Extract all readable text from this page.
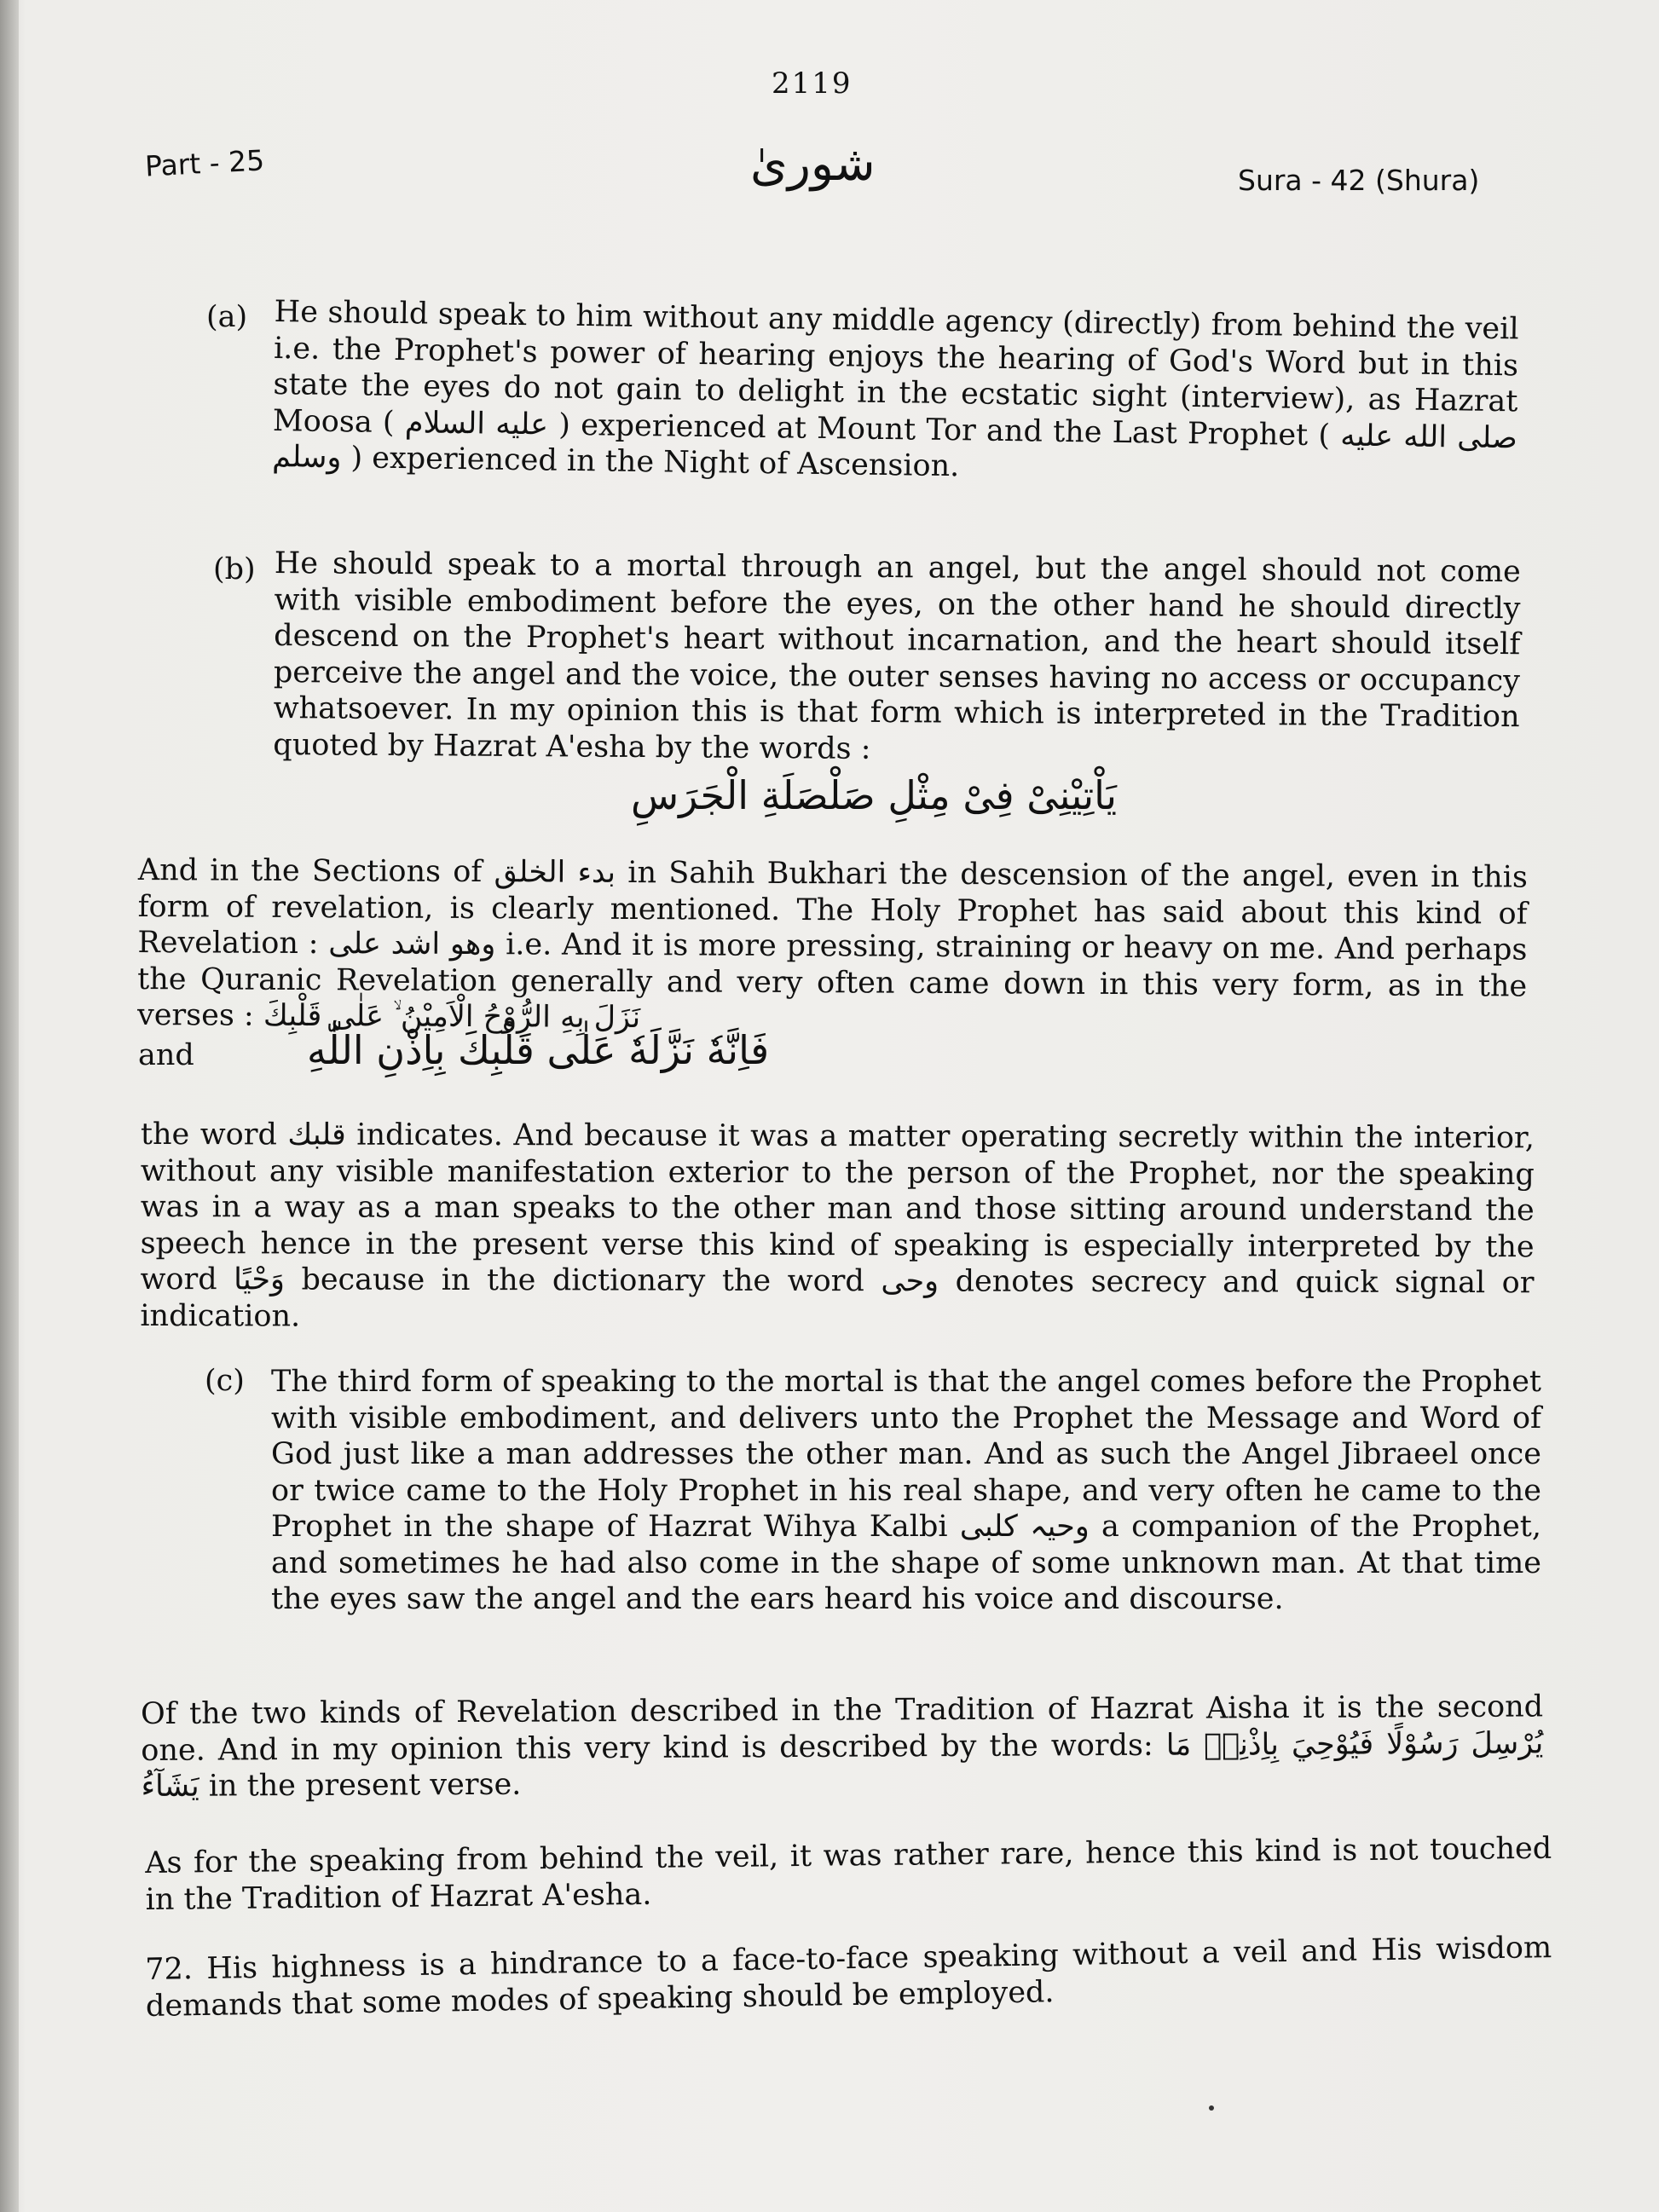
2119
Part - 25	شوریٰ	Sura - 42 (Shura)
(a) He should speak to him without any middle agency (directly) from behind the veil i.e. the Prophet's power of hearing enjoys the hearing of God's Word but in this state the eyes do not gain to delight in the ecstatic sight (interview), as Hazrat Moosa ( عليه السلام ) experienced at Mount Tor and the Last Prophet ( صلى الله عليه وسلم ) experienced in the Night of Ascension.
(b) He should speak to a mortal through an angel, but the angel should not come with visible embodiment before the eyes, on the other hand he should directly descend on the Prophet's heart without incarnation, and the heart should itself perceive the angel and the voice, the outer senses having no access or occupancy whatsoever. In my opinion this is that form which is interpreted in the Tradition quoted by Hazrat A'esha by the words :
يَاْتِيْنِىْ فِىْ مِثْلِ صَلْصَلَةِ الْجَرَسِ
And in the Sections of بدء الخلق in Sahih Bukhari the descension of the angel, even in this form of revelation, is clearly mentioned. The Holy Prophet has said about this kind of Revelation : وهو اشد على i.e. And it is more pressing, straining or heavy on me. And perhaps the Quranic Revelation generally and very often came down in this very form, as in the verses : نَزَلَ بِهِ الرُّوْحُ الْاَمِيْنُ ۙ عَلٰى قَلْبِكَ
and	فَاِنَّهٗ نَزَّلَهٗ عَلٰى قَلْبِكَ بِاِذْنِ اللّٰهِ
the word قلبك indicates. And because it was a matter operating secretly within the interior, without any visible manifestation exterior to the person of the Prophet, nor the speaking was in a way as a man speaks to the other man and those sitting around understand the speech hence in the present verse this kind of speaking is especially interpreted by the word وَحْيًا because in the dictionary the word وحی denotes secrecy and quick signal or indication.
(c) The third form of speaking to the mortal is that the angel comes before the Prophet with visible embodiment, and delivers unto the Prophet the Message and Word of God just like a man addresses the other man. And as such the Angel Jibraeel once or twice came to the Holy Prophet in his real shape, and very often he came to the Prophet in the shape of Hazrat Wihya Kalbi وحیہ کلبی a companion of the Prophet, and sometimes he had also come in the shape of some unknown man. At that time the eyes saw the angel and the ears heard his voice and discourse.
Of the two kinds of Revelation described in the Tradition of Hazrat Aisha it is the second one. And in my opinion this very kind is described by the words: يُرْسِلَ رَسُوْلًا فَيُوْحِيَ بِاِذْنِهٖ مَا يَشَآءُ in the present verse.
As for the speaking from behind the veil, it was rather rare, hence this kind is not touched in the Tradition of Hazrat A'esha.
72. His highness is a hindrance to a face-to-face speaking without a veil and His wisdom demands that some modes of speaking should be employed.
